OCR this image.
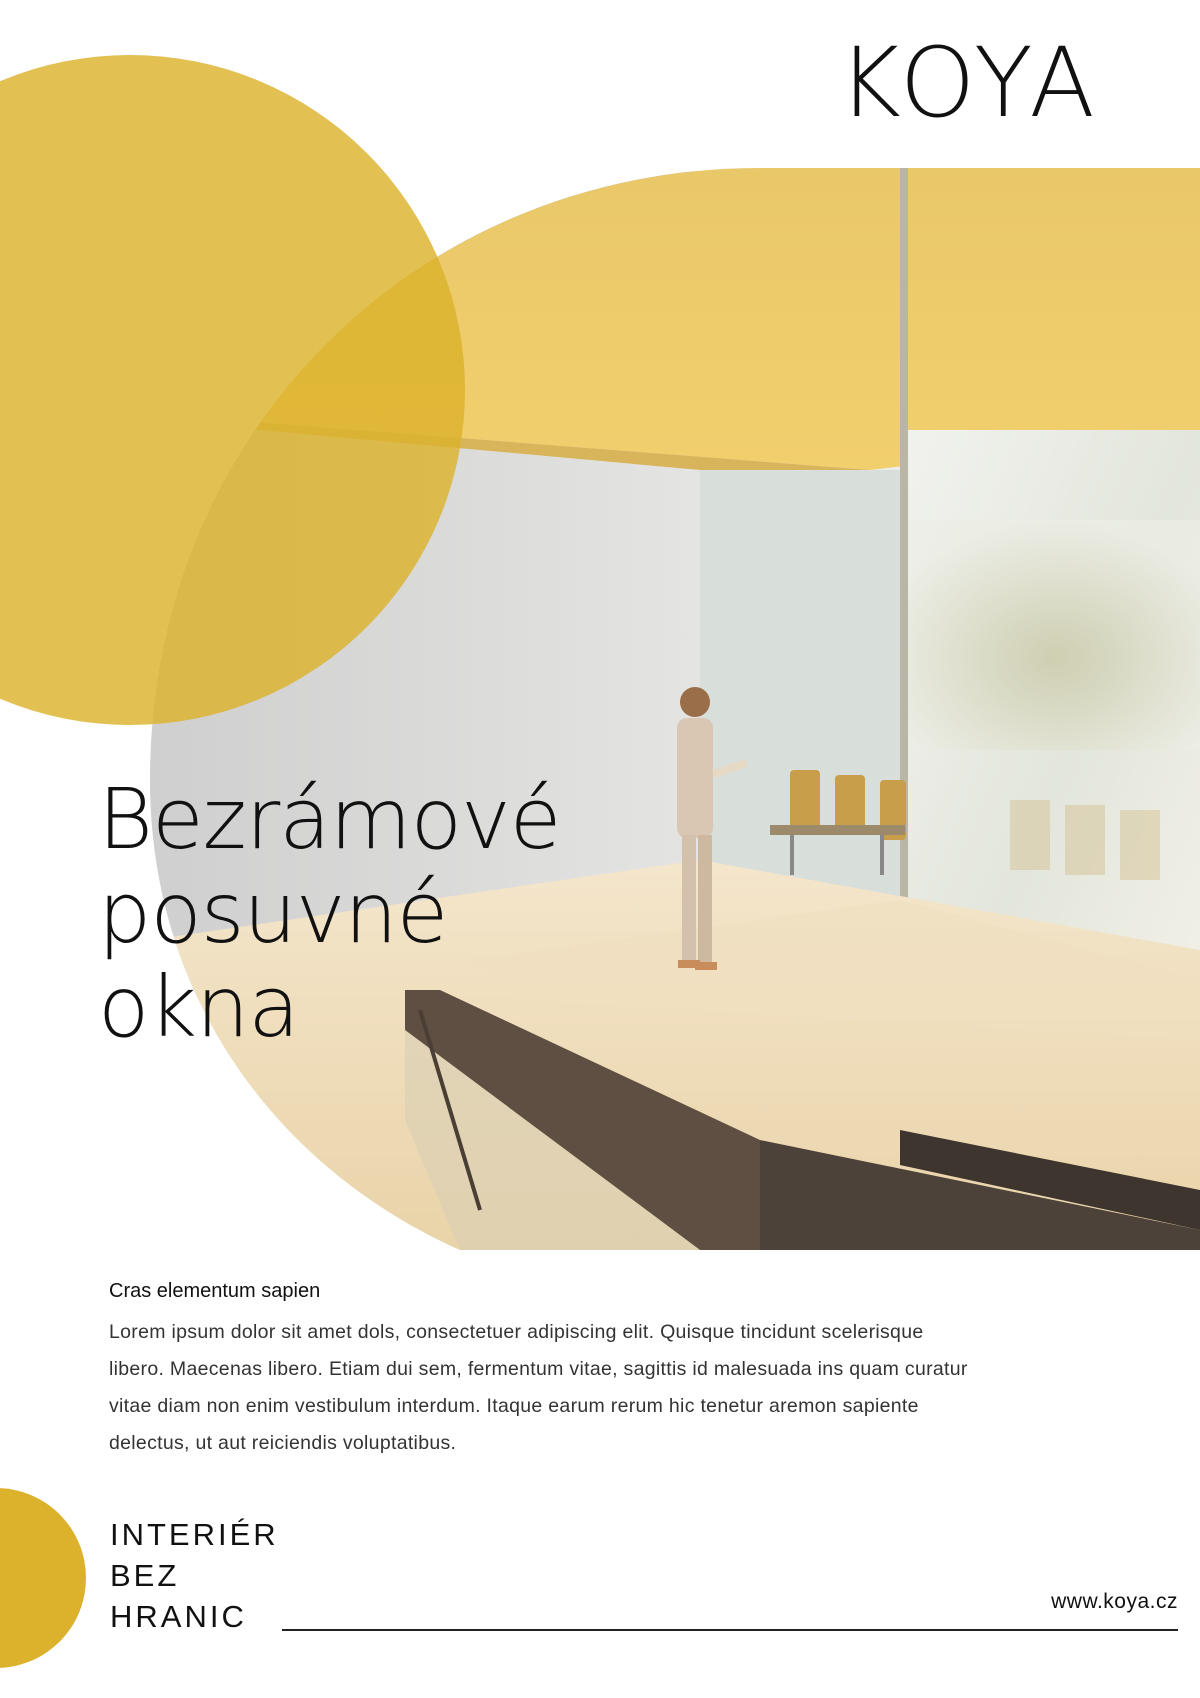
KOYA
Bezrámové
posuvné
okna
Cras elementum sapien
Lorem ipsum dolor sit amet dols, consectetuer adipiscing elit. Quisque tincidunt scelerisque
libero. Maecenas libero. Etiam dui sem, fermentum vitae, sagittis id malesuada ins quam curatur
vitae diam non enim vestibulum interdum. Itaque earum rerum hic tenetur aremon sapiente
delectus, ut aut reiciendis voluptatibus.
INTERIÉR
BEZ
HRANIC	www.koya.cz
